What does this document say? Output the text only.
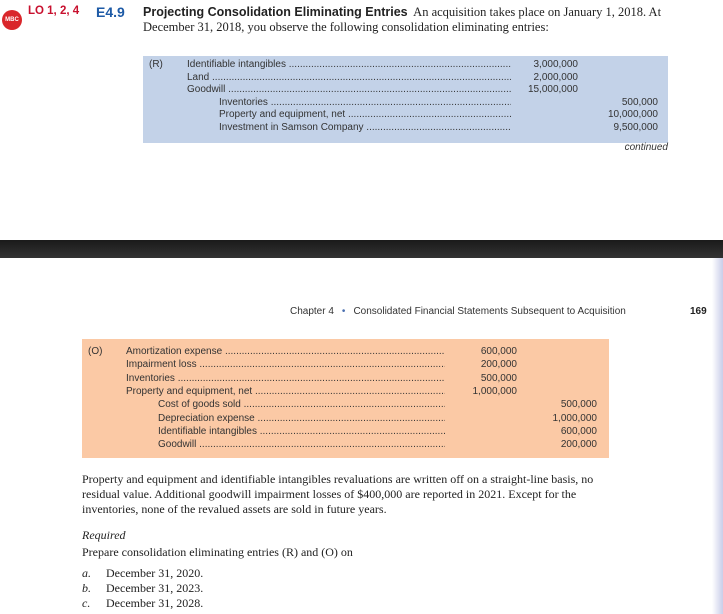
MBC
LO 1, 2, 4 E4.9 Projecting Consolidation Eliminating Entries An acquisition takes place on January 1, 2018. At December 31, 2018, you observe the following consolidation eliminating entries:
(R) Identifiable intangibles .....	3,000,000
Land .....	2,000,000
Goodwill .....	15,000,000
Inventories .....	500,000
Property and equipment, net .....	10,000,000
Investment in Samson Company .....	9,500,000
continued
Chapter 4 • Consolidated Financial Statements Subsequent to Acquisition	169
(O) Amortization expense .....	600,000
Impairment loss .....	200,000
Inventories .....	500,000
Property and equipment, net .....	1,000,000
Cost of goods sold .....	500,000
Depreciation expense .....	1,000,000
Identifiable intangibles .....	600,000
Goodwill .....	200,000
Property and equipment and identifiable intangibles revaluations are written off on a straight-line basis, no residual value. Additional goodwill impairment losses of $400,000 are reported in 2021. Except for the inventories, none of the revalued assets are sold in future years.
Required
Prepare consolidation eliminating entries (R) and (O) on
a. December 31, 2020.
b. December 31, 2023.
c. December 31, 2028.
